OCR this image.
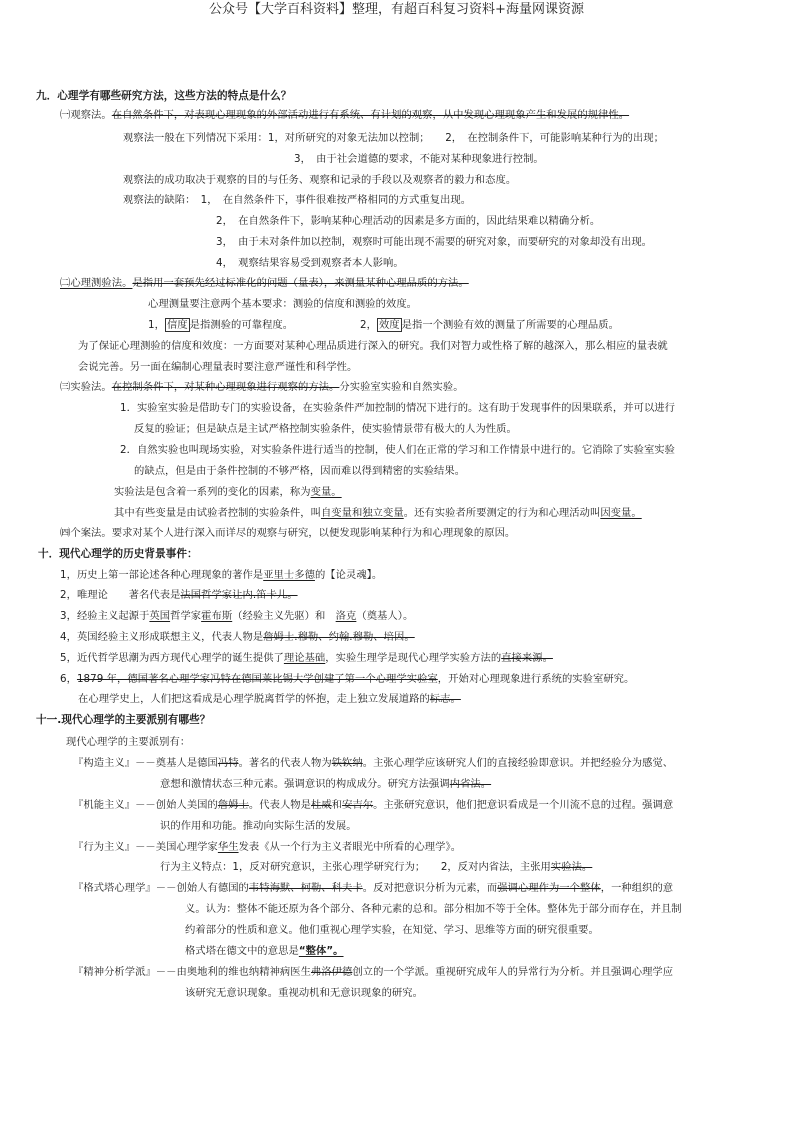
公众号【大学百科资料】整理，有超百科复习资料+海量网课资源
九．心理学有哪些研究方法，这些方法的特点是什么？
㈠观察法。在自然条件下，对表现心理现象的外部活动进行有系统、有计划的观察，从中发现心理现象产生和发展的规律性。
观察法一般在下列情况下采用：1，对所研究的对象无法加以控制；　　2，　在控制条件下，可能影响某种行为的出现；
3，　由于社会道德的要求，不能对某种现象进行控制。
观察法的成功取决于观察的目的与任务、观察和记录的手段以及观察者的毅力和态度。
观察法的缺陷：　1，　在自然条件下，事件很难按严格相同的方式重复出现。
2，　在自然条件下，影响某种心理活动的因素是多方面的，因此结果难以精确分析。
3，　由于未对条件加以控制，观察时可能出现不需要的研究对象，而要研究的对象却没有出现。
4，　观察结果容易受到观察者本人影响。
㈡心理测验法。是指用一套预先经过标准化的问题（量表），来测量某种心理品质的方法。
心理测量要注意两个基本要求：测验的信度和测验的效度。
1， 信度 是指测验的可靠程度。	2， 效度 是指一个测验有效的测量了所需要的心理品质。
为了保证心理测验的信度和效度：一方面要对某种心理品质进行深入的研究。我们对智力或性格了解的越深入，那么相应的量表就
会说完善。另一面在编制心理量表时要注意严谨性和科学性。
㈢实验法。在控制条件下，对某种心理现象进行观察的方法。分实验室实验和自然实验。
1．实验室实验是借助专门的实验设备，在实验条件严加控制的情况下进行的。这有助于发现事件的因果联系，并可以进行
反复的验证；但是缺点是主试严格控制实验条件，使实验情景带有极大的人为性质。
2．自然实验也叫现场实验，对实验条件进行适当的控制，使人们在正常的学习和工作情景中进行的。它消除了实验室实验
的缺点，但是由于条件控制的不够严格，因而难以得到精密的实验结果。
实验法是包含着一系列的变化的因素，称为变量。
其中有些变量是由试验者控制的实验条件，叫自变量和独立变量。还有实验者所要测定的行为和心理活动叫因变量。
㈣个案法。要求对某个人进行深入而详尽的观察与研究，以便发现影响某种行为和心理现象的原因。
十．现代心理学的历史背景事件：
1，历史上第一部论述各种心理现象的著作是亚里士多德的【论灵魂】。
2，唯理论　　著名代表是法国哲学家让内.笛卡儿。
3，经验主义起源于英国哲学家霍布斯（经验主义先驱）和　洛克（奠基人）。
4，英国经验主义形成联想主义，代表人物是詹姆士.穆勒、约翰.穆勒、培因。
5，近代哲学思潮为西方现代心理学的诞生提供了理论基础，实验生理学是现代心理学实验方法的直接来源。
6，1879 年，德国著名心理学家冯特在德国莱比锡大学创建了第一个心理学实验室，开始对心理现象进行系统的实验室研究。
在心理学史上，人们把这看成是心理学脱离哲学的怀抱，走上独立发展道路的标志。
十一.现代心理学的主要派别有哪些？
现代心理学的主要派别有：
『构造主义』－－奠基人是德国冯特。著名的代表人物为铁钦纳。主张心理学应该研究人们的直接经验即意识。并把经验分为感觉、
意想和激情状态三种元素。强调意识的构成成分。研究方法强调内省法。
『机能主义』－－创始人美国的詹姆士。代表人物是杜威和安吉尔。主张研究意识，他们把意识看成是一个川流不息的过程。强调意
识的作用和功能。推动向实际生活的发展。
『行为主义』－－美国心理学家华生发表《从一个行为主义者眼光中所看的心理学》。
行为主义特点：1，反对研究意识，主张心理学研究行为；　　2，反对内省法，主张用实验法。
『格式塔心理学』－－创始人有德国的韦特海默、柯勒、科夫卡。反对把意识分析为元素，而强调心理作为一个整体，一种组织的意
义。认为：整体不能还原为各个部分、各种元素的总和。部分相加不等于全体。整体先于部分而存在，并且制
约着部分的性质和意义。他们重视心理学实验，在知觉、学习、思维等方面的研究很重要。
格式塔在德文中的意思是“整体”。
『精神分析学派』－－由奥地利的维也纳精神病医生弗洛伊德创立的一个学派。重视研究成年人的异常行为分析。并且强调心理学应
该研究无意识现象。重视动机和无意识现象的研究。
